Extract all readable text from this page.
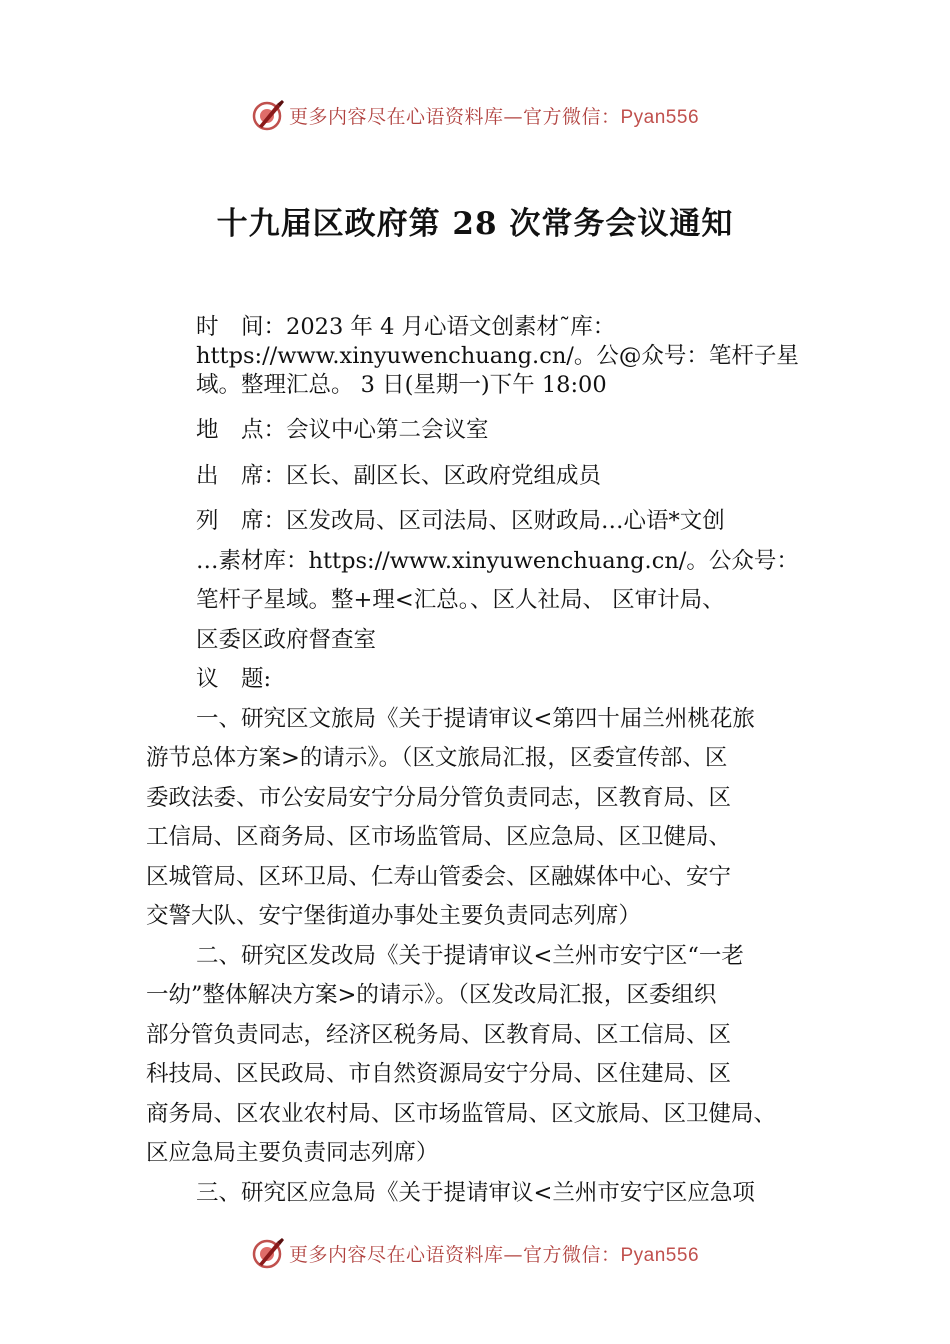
更多内容尽在心语资料库—官方微信：Pyan556
十九届区政府第 28 次常务会议通知
时　间：2023 年 4 月心语文创素材˜库：
https://www.xinyuwenchuang.cn/。公@众号：笔杆子星
域。整理汇总。 3 日(星期一)下午 18:00
地　点：会议中心第二会议室
出　席：区长、副区长、区政府党组成员
列　席：区发改局、区司法局、区财政局…心语*文创
…素材库：https://www.xinyuwenchuang.cn/。公众号：
笔杆子星域。整+理<汇总。、区人社局、 区审计局、
区委区政府督查室
议　题:
一、研究区文旅局《关于提请审议<第四十届兰州桃花旅
游节总体方案>的请示》。（区文旅局汇报，区委宣传部、区
委政法委、市公安局安宁分局分管负责同志，区教育局、区
工信局、区商务局、区市场监管局、区应急局、区卫健局、
区城管局、区环卫局、仁寿山管委会、区融媒体中心、安宁
交警大队、安宁堡街道办事处主要负责同志列席）
二、研究区发改局《关于提请审议<兰州市安宁区“一老
一幼”整体解决方案>的请示》。（区发改局汇报，区委组织
部分管负责同志，经济区税务局、区教育局、区工信局、区
科技局、区民政局、市自然资源局安宁分局、区住建局、区
商务局、区农业农村局、区市场监管局、区文旅局、区卫健局、
区应急局主要负责同志列席）
三、研究区应急局《关于提请审议<兰州市安宁区应急项
更多内容尽在心语资料库—官方微信：Pyan556
